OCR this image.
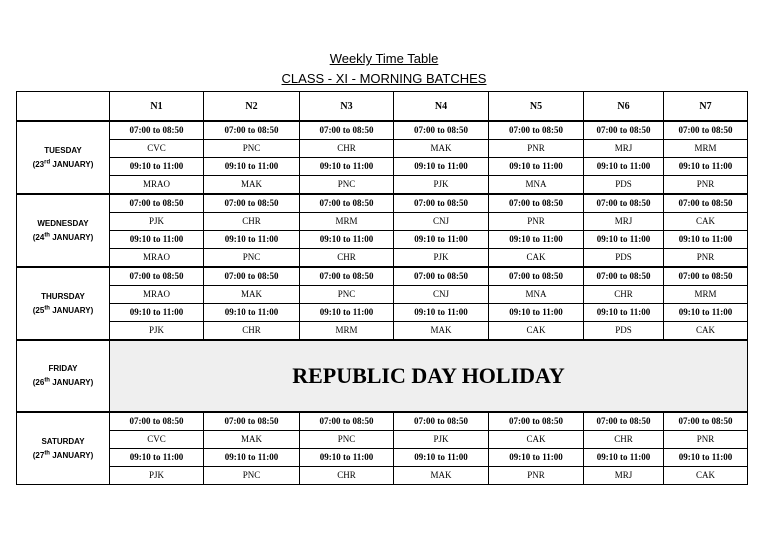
Weekly Time Table
CLASS - XI - MORNING BATCHES
	N1	N2	N3	N4	N5	N6	N7
TUESDAY
(23rd JANUARY)	07:00 to 08:50	07:00 to 08:50	07:00 to 08:50	07:00 to 08:50	07:00 to 08:50	07:00 to 08:50	07:00 to 08:50
	CVC	PNC	CHR	MAK	PNR	MRJ	MRM
	09:10 to 11:00	09:10 to 11:00	09:10 to 11:00	09:10 to 11:00	09:10 to 11:00	09:10 to 11:00	09:10 to 11:00
	MRAO	MAK	PNC	PJK	MNA	PDS	PNR
WEDNESDAY
(24th JANUARY)	07:00 to 08:50	07:00 to 08:50	07:00 to 08:50	07:00 to 08:50	07:00 to 08:50	07:00 to 08:50	07:00 to 08:50
	PJK	CHR	MRM	CNJ	PNR	MRJ	CAK
	09:10 to 11:00	09:10 to 11:00	09:10 to 11:00	09:10 to 11:00	09:10 to 11:00	09:10 to 11:00	09:10 to 11:00
	MRAO	PNC	CHR	PJK	CAK	PDS	PNR
THURSDAY
(25th JANUARY)	07:00 to 08:50	07:00 to 08:50	07:00 to 08:50	07:00 to 08:50	07:00 to 08:50	07:00 to 08:50	07:00 to 08:50
	MRAO	MAK	PNC	CNJ	MNA	CHR	MRM
	09:10 to 11:00	09:10 to 11:00	09:10 to 11:00	09:10 to 11:00	09:10 to 11:00	09:10 to 11:00	09:10 to 11:00
	PJK	CHR	MRM	MAK	CAK	PDS	CAK
FRIDAY
(26th JANUARY)	REPUBLIC DAY HOLIDAY						
SATURDAY
(27th JANUARY)	07:00 to 08:50	07:00 to 08:50	07:00 to 08:50	07:00 to 08:50	07:00 to 08:50	07:00 to 08:50	07:00 to 08:50
	CVC	MAK	PNC	PJK	CAK	CHR	PNR
	09:10 to 11:00	09:10 to 11:00	09:10 to 11:00	09:10 to 11:00	09:10 to 11:00	09:10 to 11:00	09:10 to 11:00
	PJK	PNC	CHR	MAK	PNR	MRJ	CAK
